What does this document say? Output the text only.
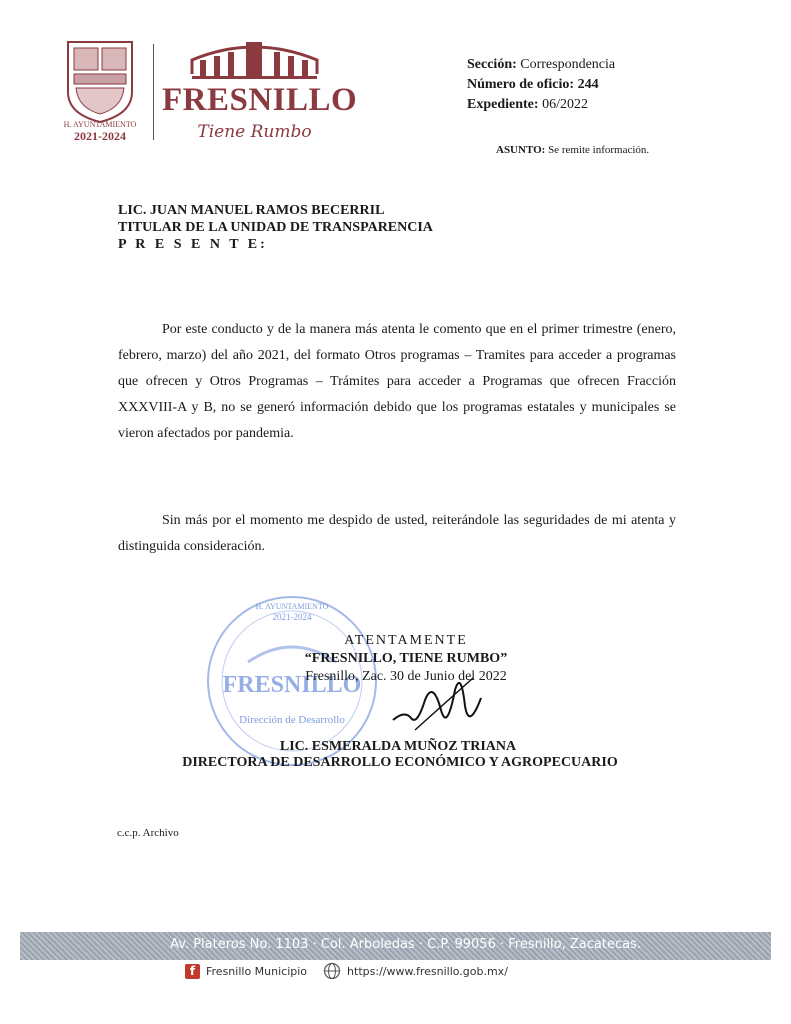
H. AYUNTAMIENTO
2021-2024
FRESNILLO
Tiene Rumbo
Sección: Correspondencia
Número de oficio: 244
Expediente: 06/2022
ASUNTO: Se remite información.
LIC. JUAN MANUEL RAMOS BECERRIL
TITULAR DE LA UNIDAD DE TRANSPARENCIA
P R E S E N T E:
Por este conducto y de la manera más atenta le comento que en el primer trimestre (enero, febrero, marzo) del año 2021, del formato Otros programas – Tramites para acceder a programas que ofrecen y Otros Programas – Trámites para acceder a Programas que ofrecen Fracción XXXVIII-A y B, no se generó información debido que los programas estatales y municipales se vieron afectados por pandemia.
Sin más por el momento me despido de usted, reiterándole las seguridades de mi atenta y distinguida consideración.
H. AYUNTAMIENTO
2021-2024
FRESNILLO
Dirección de Desarrollo
ATENTAMENTE
“FRESNILLO, TIENE RUMBO”
Fresnillo, Zac. 30 de Junio del 2022
LIC. ESMERALDA MUÑOZ TRIANA
DIRECTORA DE DESARROLLO ECONÓMICO Y AGROPECUARIO
c.c.p. Archivo
Av. Plateros No. 1103 · Col. Arboledas · C.P. 99056 · Fresnillo, Zacatecas.
f Fresnillo Municipio	https://www.fresnillo.gob.mx/
